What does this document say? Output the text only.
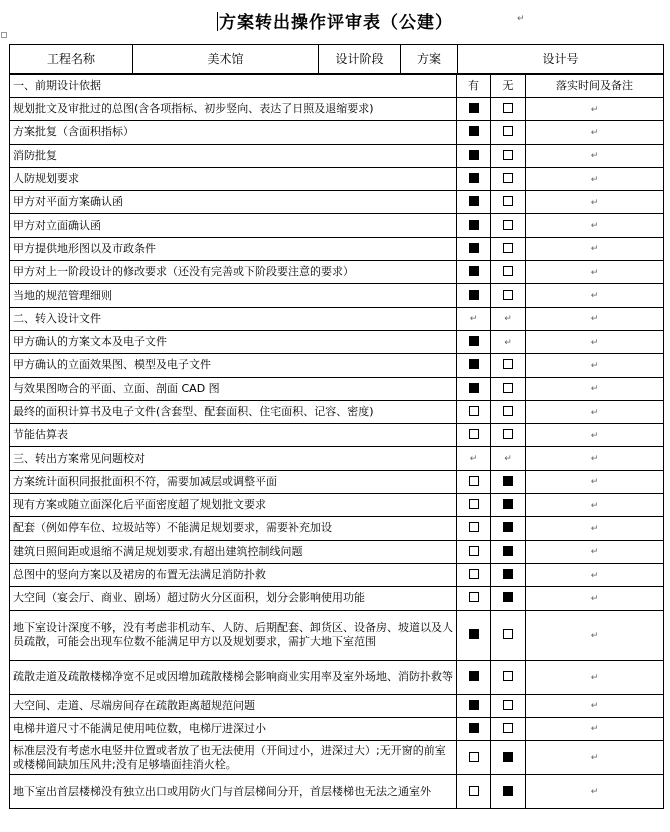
方案转出操作评审表（公建）	↵
工程名称	美术馆	设计阶段	方案	设计号
一、前期设计依据	有	无	落实时间及备注
规划批文及审批过的总图(含各项指标、初步竖向、表达了日照及退缩要求)			↵
方案批复（含面积指标）			↵
消防批复			↵
人防规划要求			↵
甲方对平面方案确认函			↵
甲方对立面确认函			↵
甲方提供地形图以及市政条件			↵
甲方对上一阶段设计的修改要求（还没有完善或下阶段要注意的要求）			↵
当地的规范管理细则			↵
二、转入设计文件	↵	↵	↵
甲方确认的方案文本及电子文件		↵	↵
甲方确认的立面效果图、模型及电子文件			↵
与效果图吻合的平面、立面、剖面 CAD 图			↵
最终的面积计算书及电子文件(含套型、配套面积、住宅面积、记容、密度)			↵
节能估算表			↵
三、转出方案常见问题校对	↵	↵	↵
方案统计面积同报批面积不符，需要加减层或调整平面			↵
现有方案或随立面深化后平面密度超了规划批文要求			↵
配套（例如停车位、垃圾站等）不能满足规划要求，需要补充加设			↵
建筑日照间距或退缩不满足规划要求,有超出建筑控制线问题			↵
总图中的竖向方案以及裙房的布置无法满足消防扑救			↵
大空间（宴会厅、商业、剧场）超过防火分区面积，划分会影响使用功能			↵
地下室设计深度不够，没有考虑非机动车、人防、后期配套、卸货区、设备房、坡道以及人员疏散，可能会出现车位数不能满足甲方以及规划要求，需扩大地下室范围			↵
疏散走道及疏散楼梯净宽不足或因增加疏散楼梯会影响商业实用率及室外场地、消防扑救等			↵
大空间、走道、尽端房间存在疏散距离超规范问题			↵
电梯井道尺寸不能满足使用吨位数，电梯厅进深过小			↵
标准层没有考虑水电竖井位置或者放了也无法使用（开间过小，进深过大）;无开窗的前室或楼梯间缺加压风井;没有足够墙面挂消火栓。			↵
地下室出首层楼梯没有独立出口或用防火门与首层梯间分开，首层楼梯也无法之通室外			↵
